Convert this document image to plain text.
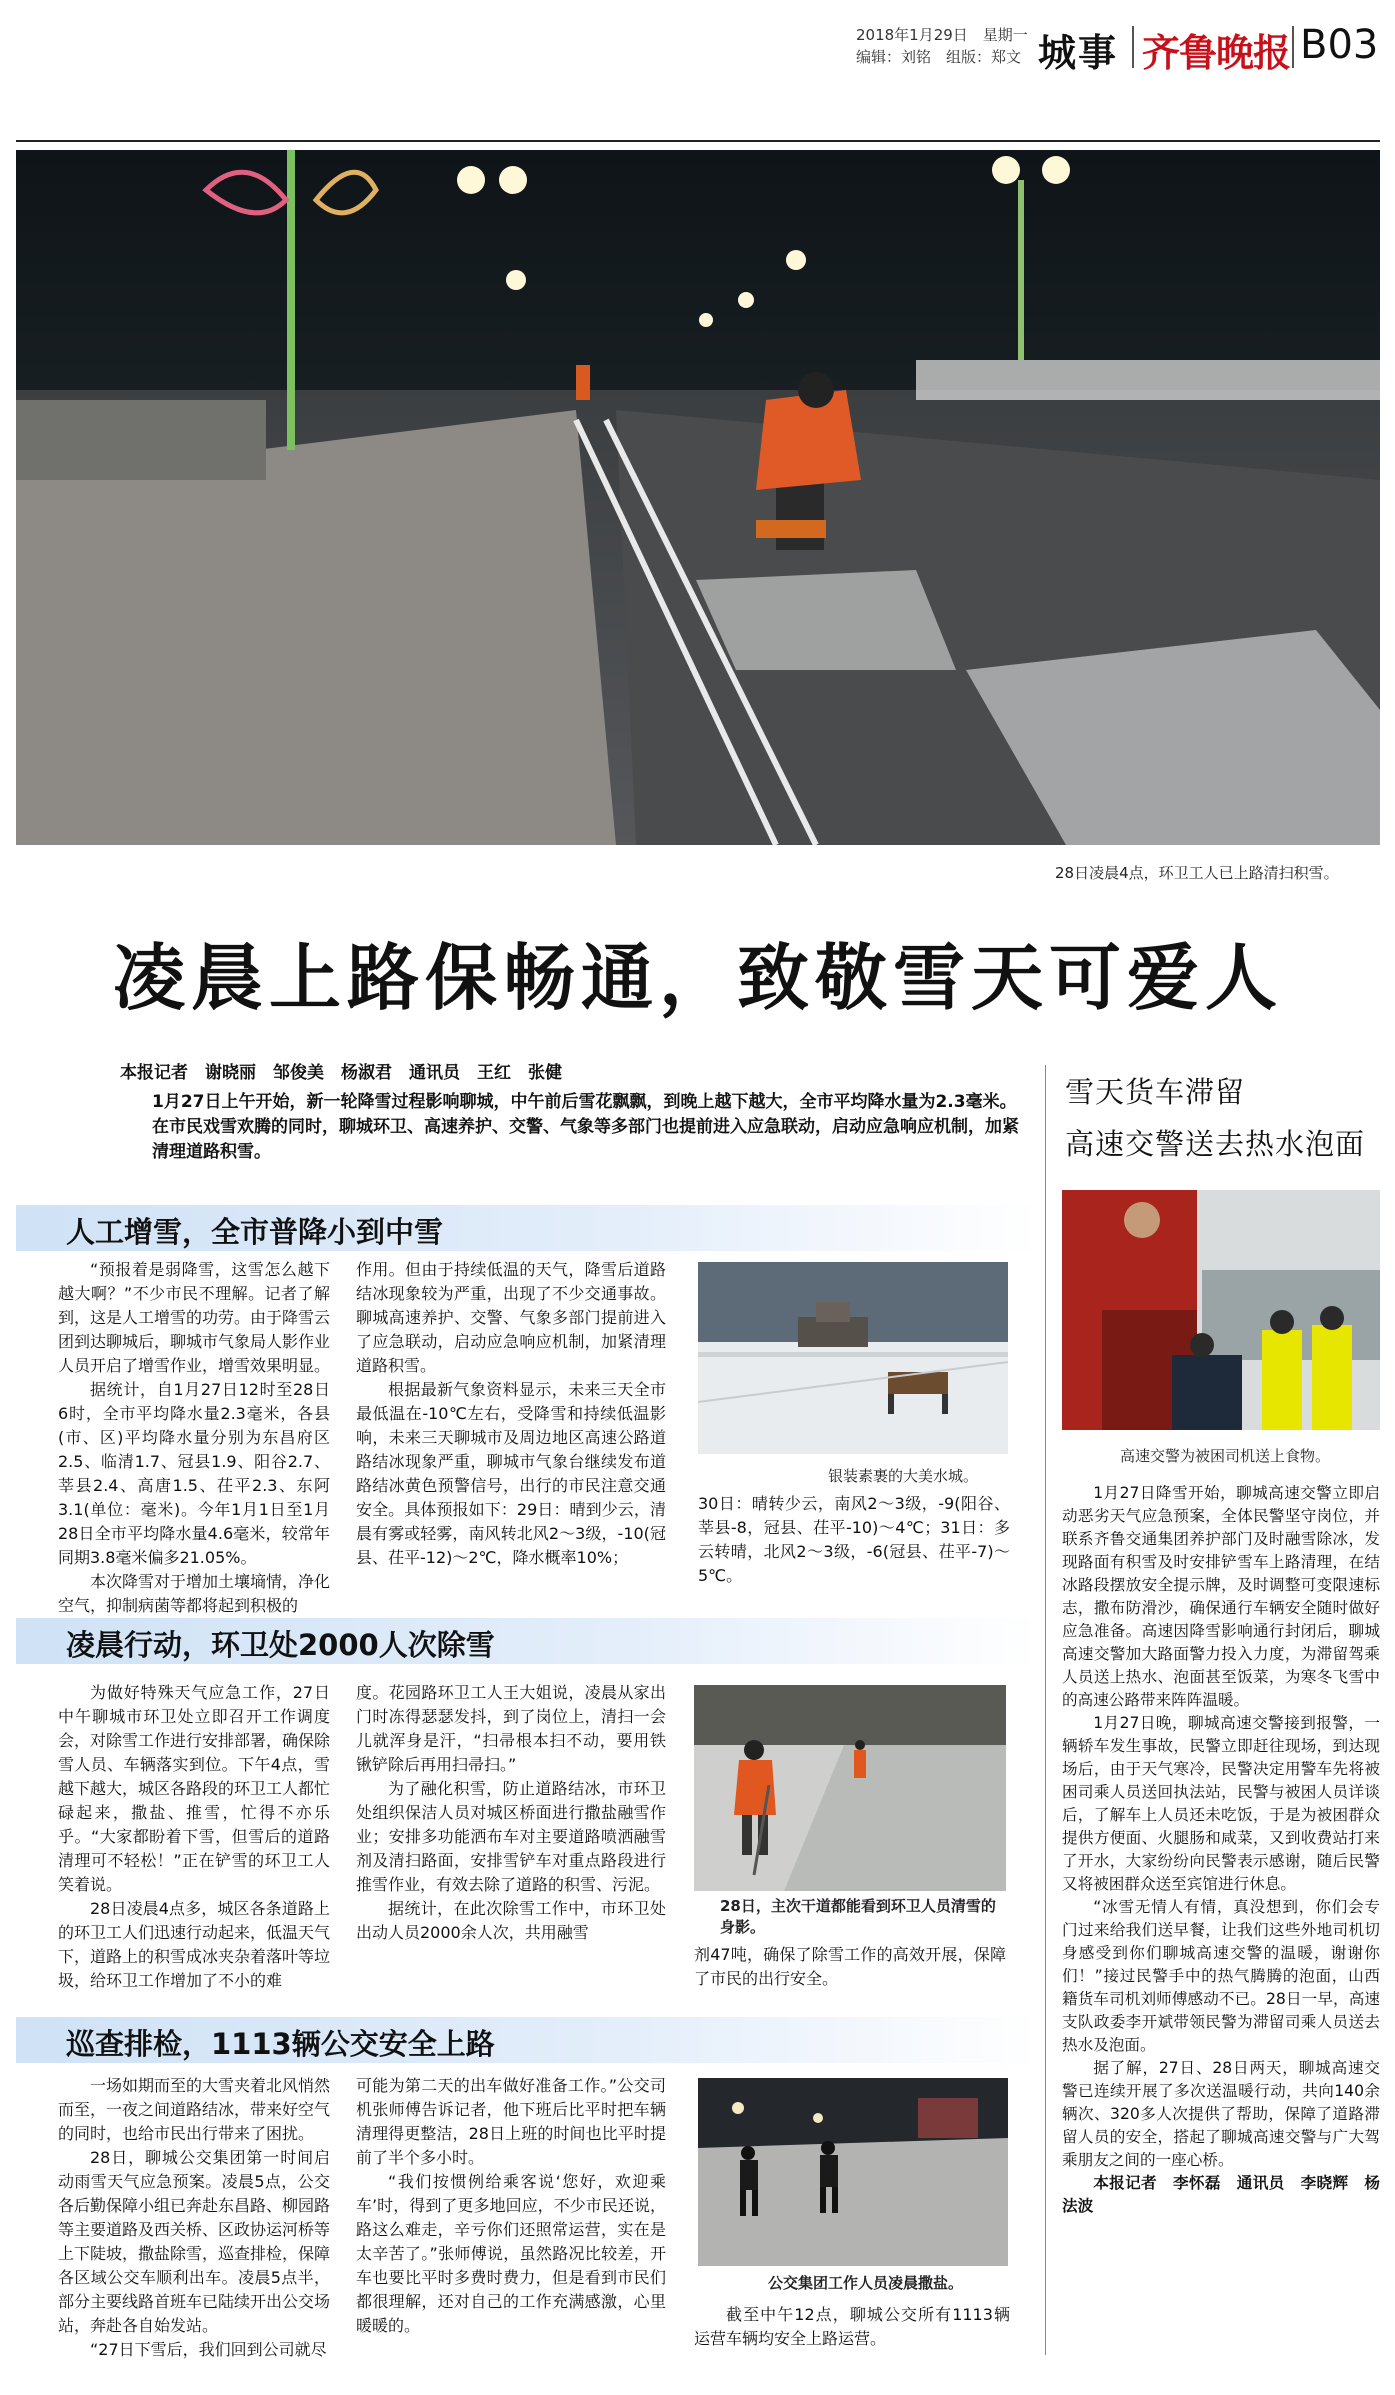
2018年1月29日　星期一
编辑：刘铭　组版：郑文 城事 齐鲁晚报 B03
28日凌晨4点，环卫工人已上路清扫积雪。
凌晨上路保畅通，致敬雪天可爱人
本报记者　谢晓丽　邹俊美　杨淑君　通讯员　王红　张健
1月27日上午开始，新一轮降雪过程影响聊城，中午前后雪花飘飘，到晚上越下越大，全市平均降水量为2.3毫米。在市民戏雪欢腾的同时，聊城环卫、高速养护、交警、气象等多部门也提前进入应急联动，启动应急响应机制，加紧清理道路积雪。
雪天货车滞留
高速交警送去热水泡面
高速交警为被困司机送上食物。

1月27日降雪开始，聊城高速交警立即启动恶劣天气应急预案，全体民警坚守岗位，并联系齐鲁交通集团养护部门及时融雪除冰，发现路面有积雪及时安排铲雪车上路清理，在结冰路段摆放安全提示牌，及时调整可变限速标志，撒布防滑沙，确保通行车辆安全随时做好应急准备。高速因降雪影响通行封闭后，聊城高速交警加大路面警力投入力度，为滞留驾乘人员送上热水、泡面甚至饭菜，为寒冬飞雪中的高速公路带来阵阵温暖。

1月27日晚，聊城高速交警接到报警，一辆轿车发生事故，民警立即赶往现场，到达现场后，由于天气寒冷，民警决定用警车先将被困司乘人员送回执法站，民警与被困人员详谈后，了解车上人员还未吃饭，于是为被困群众提供方便面、火腿肠和咸菜，又到收费站打来了开水，大家纷纷向民警表示感谢，随后民警又将被困群众送至宾馆进行休息。

“冰雪无情人有情，真没想到，你们会专门过来给我们送早餐，让我们这些外地司机切身感受到你们聊城高速交警的温暖，谢谢你们！”接过民警手中的热气腾腾的泡面，山西籍货车司机刘师傅感动不已。28日一早，高速支队政委李开斌带领民警为滞留司乘人员送去热水及泡面。

据了解，27日、28日两天，聊城高速交警已连续开展了多次送温暖行动，共向140余辆次、320多人次提供了帮助，保障了道路滞留人员的安全，搭起了聊城高速交警与广大驾乘朋友之间的一座心桥。

本报记者　李怀磊　通讯员　李晓辉　杨法波

人工增雪，全市普降小到中雪

“预报着是弱降雪，这雪怎么越下越大啊？”不少市民不理解。记者了解到，这是人工增雪的功劳。由于降雪云团到达聊城后，聊城市气象局人影作业人员开启了增雪作业，增雪效果明显。

据统计，自1月27日12时至28日6时，全市平均降水量2.3毫米，各县(市、区)平均降水量分别为东昌府区2.5、临清1.7、冠县1.9、阳谷2.7、莘县2.4、高唐1.5、茌平2.3、东阿3.1(单位：毫米)。今年1月1日至1月28日全市平均降水量4.6毫米，较常年同期3.8毫米偏多21.05%。

本次降雪对于增加土壤墒情，净化空气，抑制病菌等都将起到积极的

作用。但由于持续低温的天气，降雪后道路结冰现象较为严重，出现了不少交通事故。聊城高速养护、交警、气象多部门提前进入了应急联动，启动应急响应机制，加紧清理道路积雪。

根据最新气象资料显示，未来三天全市最低温在-10℃左右，受降雪和持续低温影响，未来三天聊城市及周边地区高速公路道路结冰现象严重，聊城市气象台继续发布道路结冰黄色预警信号，出行的市民注意交通安全。具体预报如下：29日：晴到少云，清晨有雾或轻雾，南风转北风2～3级，-10(冠县、茌平-12)～2℃，降水概率10%；

银装素裹的大美水城。

30日：晴转少云，南风2～3级，-9(阳谷、莘县-8，冠县、茌平-10)～4℃；31日：多云转晴，北风2～3级，-6(冠县、茌平-7)～5℃。

凌晨行动，环卫处2000人次除雪

为做好特殊天气应急工作，27日中午聊城市环卫处立即召开工作调度会，对除雪工作进行安排部署，确保除雪人员、车辆落实到位。下午4点，雪越下越大，城区各路段的环卫工人都忙碌起来，撒盐、推雪，忙得不亦乐乎。“大家都盼着下雪，但雪后的道路清理可不轻松！”正在铲雪的环卫工人笑着说。

28日凌晨4点多，城区各条道路上的环卫工人们迅速行动起来，低温天气下，道路上的积雪成冰夹杂着落叶等垃圾，给环卫工作增加了不小的难

度。花园路环卫工人王大姐说，凌晨从家出门时冻得瑟瑟发抖，到了岗位上，清扫一会儿就浑身是汗，“扫帚根本扫不动，要用铁锹铲除后再用扫帚扫。”

为了融化积雪，防止道路结冰，市环卫处组织保洁人员对城区桥面进行撒盐融雪作业；安排多功能洒布车对主要道路喷洒融雪剂及清扫路面，安排雪铲车对重点路段进行推雪作业，有效去除了道路的积雪、污泥。

据统计，在此次除雪工作中，市环卫处出动人员2000余人次，共用融雪

28日，主次干道都能看到环卫人员清雪的身影。

剂47吨，确保了除雪工作的高效开展，保障了市民的出行安全。

巡查排检，1113辆公交安全上路

一场如期而至的大雪夹着北风悄然而至，一夜之间道路结冰，带来好空气的同时，也给市民出行带来了困扰。

28日，聊城公交集团第一时间启动雨雪天气应急预案。凌晨5点，公交各后勤保障小组已奔赴东昌路、柳园路等主要道路及西关桥、区政协运河桥等上下陡坡，撒盐除雪，巡查排检，保障各区域公交车顺利出车。凌晨5点半，部分主要线路首班车已陆续开出公交场站，奔赴各自始发站。

“27日下雪后，我们回到公司就尽

可能为第二天的出车做好准备工作。”公交司机张师傅告诉记者，他下班后比平时把车辆清理得更整洁，28日上班的时间也比平时提前了半个多小时。

“我们按惯例给乘客说‘您好，欢迎乘车’时，得到了更多地回应，不少市民还说，路这么难走，辛亏你们还照常运营，实在是太辛苦了。”张师傅说，虽然路况比较差，开车也要比平时多费时费力，但是看到市民们都很理解，还对自己的工作充满感激，心里暖暖的。

公交集团工作人员凌晨撒盐。

截至中午12点，聊城公交所有1113辆运营车辆均安全上路运营。
